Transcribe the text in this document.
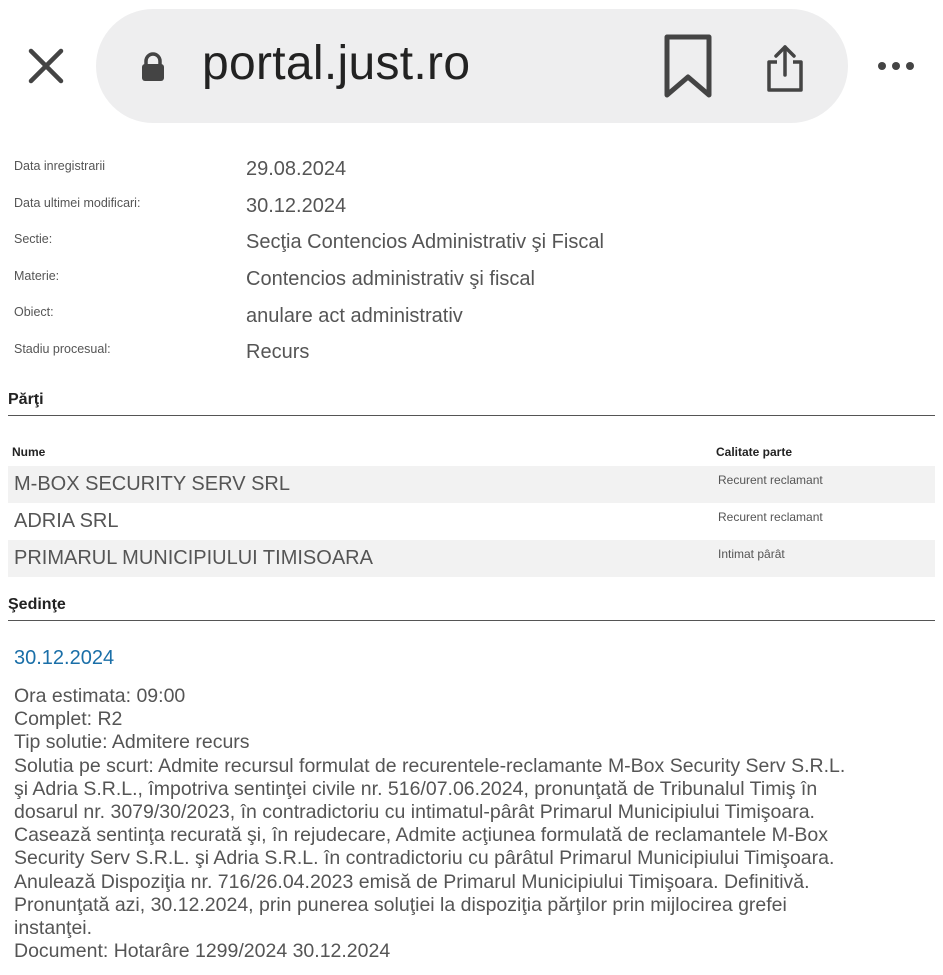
portal.just.ro
Data inregistrarii	29.08.2024
Data ultimei modificari:	30.12.2024
Sectie:	Secţia Contencios Administrativ şi Fiscal
Materie:	Contencios administrativ şi fiscal
Obiect:	anulare act administrativ
Stadiu procesual:	Recurs
Părţi
Nume	Calitate parte
M-BOX SECURITY SERV SRL	Recurent reclamant
ADRIA SRL	Recurent reclamant
PRIMARUL MUNICIPIULUI TIMISOARA	Intimat pârât
Şedinţe
30.12.2024
Ora estimata: 09:00
Complet: R2
Tip solutie: Admitere recurs
Solutia pe scurt: Admite recursul formulat de recurentele-reclamante M-Box Security Serv S.R.L.
şi Adria S.R.L., împotriva sentinţei civile nr. 516/07.06.2024, pronunţată de Tribunalul Timiş în
dosarul nr. 3079/30/2023, în contradictoriu cu intimatul-pârât Primarul Municipiului Timişoara.
Casează sentinţa recurată şi, în rejudecare, Admite acţiunea formulată de reclamantele M-Box
Security Serv S.R.L. şi Adria S.R.L. în contradictoriu cu pârâtul Primarul Municipiului Timişoara.
Anulează Dispoziţia nr. 716/26.04.2023 emisă de Primarul Municipiului Timişoara. Definitivă.
Pronunţată azi, 30.12.2024, prin punerea soluţiei la dispoziţia părţilor prin mijlocirea grefei
instanţei.
Document: Hotarâre 1299/2024 30.12.2024
